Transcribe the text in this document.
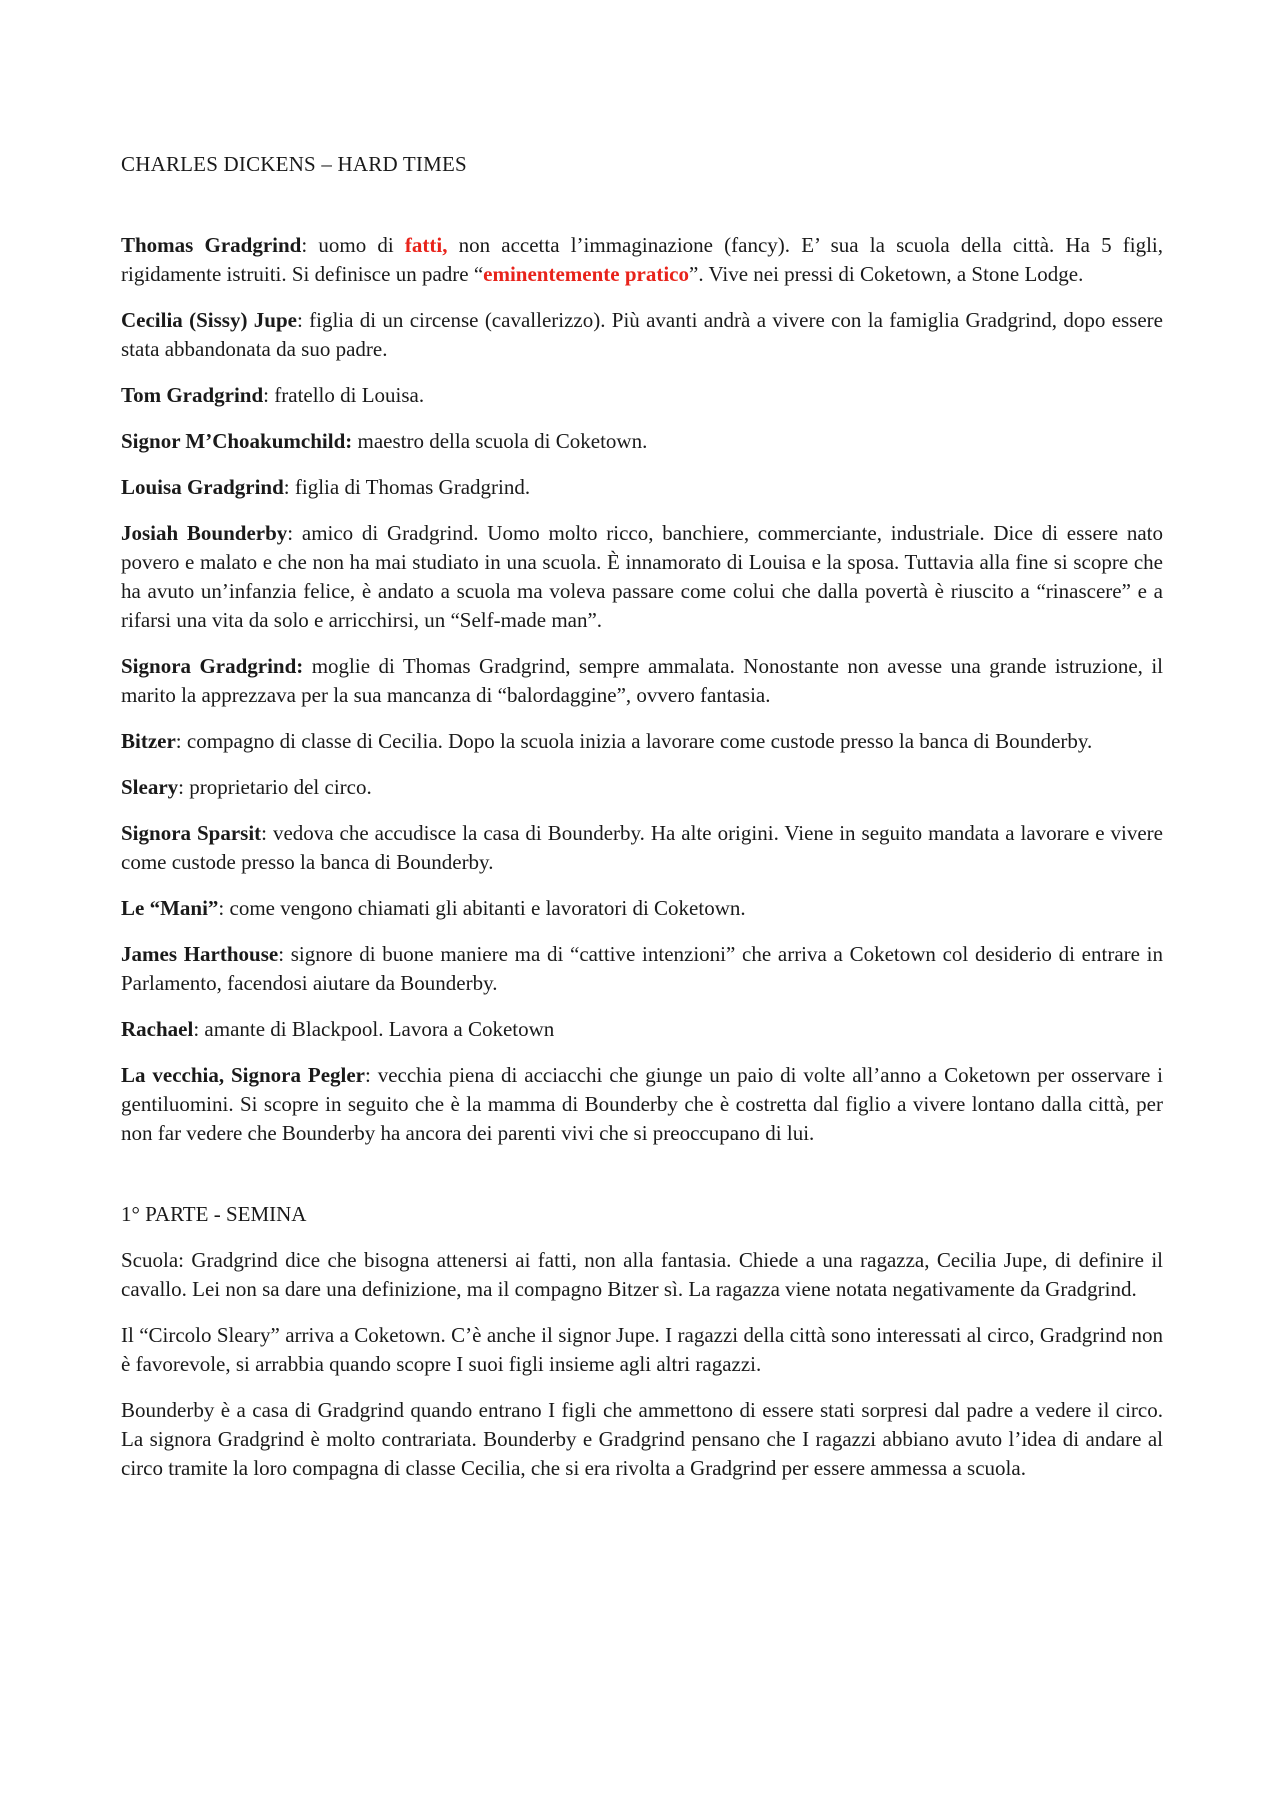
CHARLES DICKENS – HARD TIMES

Thomas Gradgrind: uomo di fatti, non accetta l’immaginazione (fancy). E’ sua la scuola della città. Ha 5 figli, rigidamente istruiti. Si definisce un padre “eminentemente pratico”. Vive nei pressi di Coketown, a Stone Lodge.

Cecilia (Sissy) Jupe: figlia di un circense (cavallerizzo). Più avanti andrà a vivere con la famiglia Gradgrind, dopo essere stata abbandonata da suo padre.

Tom Gradgrind: fratello di Louisa.

Signor M’Choakumchild: maestro della scuola di Coketown.

Louisa Gradgrind: figlia di Thomas Gradgrind.

Josiah Bounderby: amico di Gradgrind. Uomo molto ricco, banchiere, commerciante, industriale. Dice di essere nato povero e malato e che non ha mai studiato in una scuola. È innamorato di Louisa e la sposa. Tuttavia alla fine si scopre che ha avuto un’infanzia felice, è andato a scuola ma voleva passare come colui che dalla povertà è riuscito a “rinascere” e a rifarsi una vita da solo e arricchirsi, un “Self-made man”.

Signora Gradgrind: moglie di Thomas Gradgrind, sempre ammalata. Nonostante non avesse una grande istruzione, il marito la apprezzava per la sua mancanza di “balordaggine”, ovvero fantasia.

Bitzer: compagno di classe di Cecilia. Dopo la scuola inizia a lavorare come custode presso la banca di Bounderby.

Sleary: proprietario del circo.

Signora Sparsit: vedova che accudisce la casa di Bounderby. Ha alte origini. Viene in seguito mandata a lavorare e vivere come custode presso la banca di Bounderby.

Le “Mani”: come vengono chiamati gli abitanti e lavoratori di Coketown.

James Harthouse: signore di buone maniere ma di “cattive intenzioni” che arriva a Coketown col desiderio di entrare in Parlamento, facendosi aiutare da Bounderby.

Rachael: amante di Blackpool. Lavora a Coketown

La vecchia, Signora Pegler: vecchia piena di acciacchi che giunge un paio di volte all’anno a Coketown per osservare i gentiluomini. Si scopre in seguito che è la mamma di Bounderby che è costretta dal figlio a vivere lontano dalla città, per non far vedere che Bounderby ha ancora dei parenti vivi che si preoccupano di lui.

1° PARTE - SEMINA

Scuola: Gradgrind dice che bisogna attenersi ai fatti, non alla fantasia. Chiede a una ragazza, Cecilia Jupe, di definire il cavallo. Lei non sa dare una definizione, ma il compagno Bitzer sì. La ragazza viene notata negativamente da Gradgrind.

Il “Circolo Sleary” arriva a Coketown. C’è anche il signor Jupe. I ragazzi della città sono interessati al circo, Gradgrind non è favorevole, si arrabbia quando scopre I suoi figli insieme agli altri ragazzi.

Bounderby è a casa di Gradgrind quando entrano I figli che ammettono di essere stati sorpresi dal padre a vedere il circo. La signora Gradgrind è molto contrariata. Bounderby e Gradgrind pensano che I ragazzi abbiano avuto l’idea di andare al circo tramite la loro compagna di classe Cecilia, che si era rivolta a Gradgrind per essere ammessa a scuola.
